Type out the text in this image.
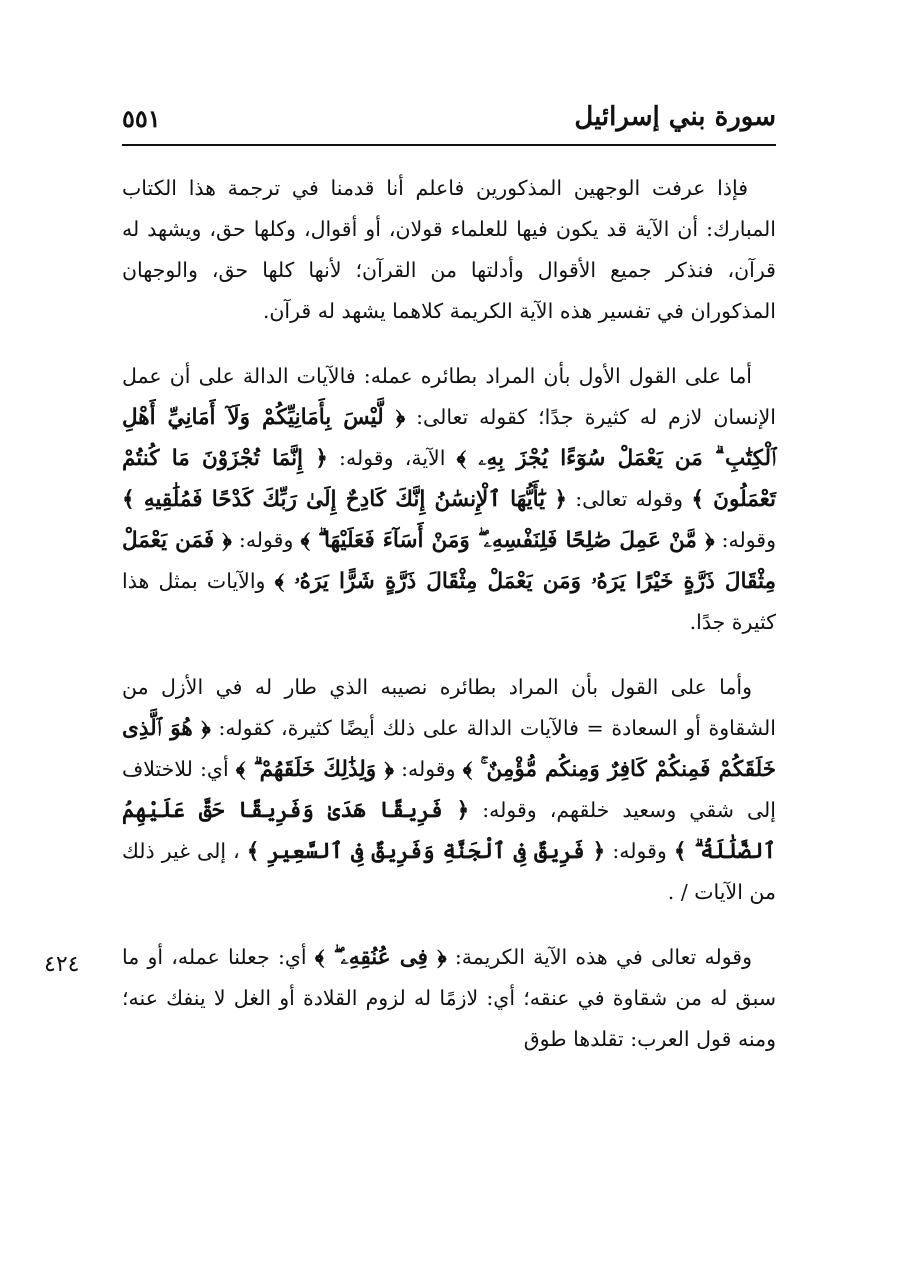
٥٥١	سورة بني إسرائيل
٤٢٤

فإذا عرفت الوجهين المذكورين فاعلم أنا قدمنا في ترجمة هذا الكتاب المبارك: أن الآية قد يكون فيها للعلماء قولان، أو أقوال، وكلها حق، ويشهد له قرآن، فنذكر جميع الأقوال وأدلتها من القرآن؛ لأنها كلها حق، والوجهان المذكوران في تفسير هذه الآية الكريمة كلاهما يشهد له قرآن.

أما على القول الأول بأن المراد بطائره عمله: فالآيات الدالة على أن عمل الإنسان لازم له كثيرة جدًا؛ كقوله تعالى: ﴿ لَّيْسَ بِأَمَانِيِّكُمْ وَلَآ أَمَانِيِّ أَهْلِ ٱلْكِتَٰبِ ۗ مَن يَعْمَلْ سُوٓءًا يُجْزَ بِهِۦ ﴾ الآية، وقوله: ﴿ إِنَّمَا تُجْزَوْنَ مَا كُنتُمْ تَعْمَلُونَ ﴾ وقوله تعالى: ﴿ يَٰٓأَيُّهَا ٱلْإِنسَٰنُ إِنَّكَ كَادِحٌ إِلَىٰ رَبِّكَ كَدْحًا فَمُلَٰقِيهِ ﴾ وقوله: ﴿ مَّنْ عَمِلَ صَٰلِحًا فَلِنَفْسِهِۦ ۖ وَمَنْ أَسَآءَ فَعَلَيْهَا ۗ ﴾ وقوله: ﴿ فَمَن يَعْمَلْ مِثْقَالَ ذَرَّةٍ خَيْرًا يَرَهُۥ وَمَن يَعْمَلْ مِثْقَالَ ذَرَّةٍ شَرًّا يَرَهُۥ ﴾ والآيات بمثل هذا كثيرة جدًا.

وأما على القول بأن المراد بطائره نصيبه الذي طار له في الأزل من الشقاوة أو السعادة = فالآيات الدالة على ذلك أيضًا كثيرة، كقوله: ﴿ هُوَ ٱلَّذِى خَلَقَكُمْ فَمِنكُمْ كَافِرٌ وَمِنكُم مُّؤْمِنٌ ۚ ﴾ وقوله: ﴿ وَلِذَٰلِكَ خَلَقَهُمْ ۗ ﴾ أي: للاختلاف إلى شقي وسعيد خلقهم، وقوله: ﴿ فَرِيقًا هَدَىٰ وَفَرِيقًا حَقَّ عَلَيْهِمُ ٱلضَّلَٰلَةُ ۗ ﴾ وقوله: ﴿ فَرِيقٌ فِى ٱلْجَنَّةِ وَفَرِيقٌ فِى ٱلسَّعِيرِ ﴾ ، إلى غير ذلك من الآيات / .

وقوله تعالى في هذه الآية الكريمة: ﴿ فِى عُنُقِهِۦ ۖ ﴾ أي: جعلنا عمله، أو ما سبق له من شقاوة في عنقه؛ أي: لازمًا له لزوم القلادة أو الغل لا ينفك عنه؛ ومنه قول العرب: تقلدها طوق
